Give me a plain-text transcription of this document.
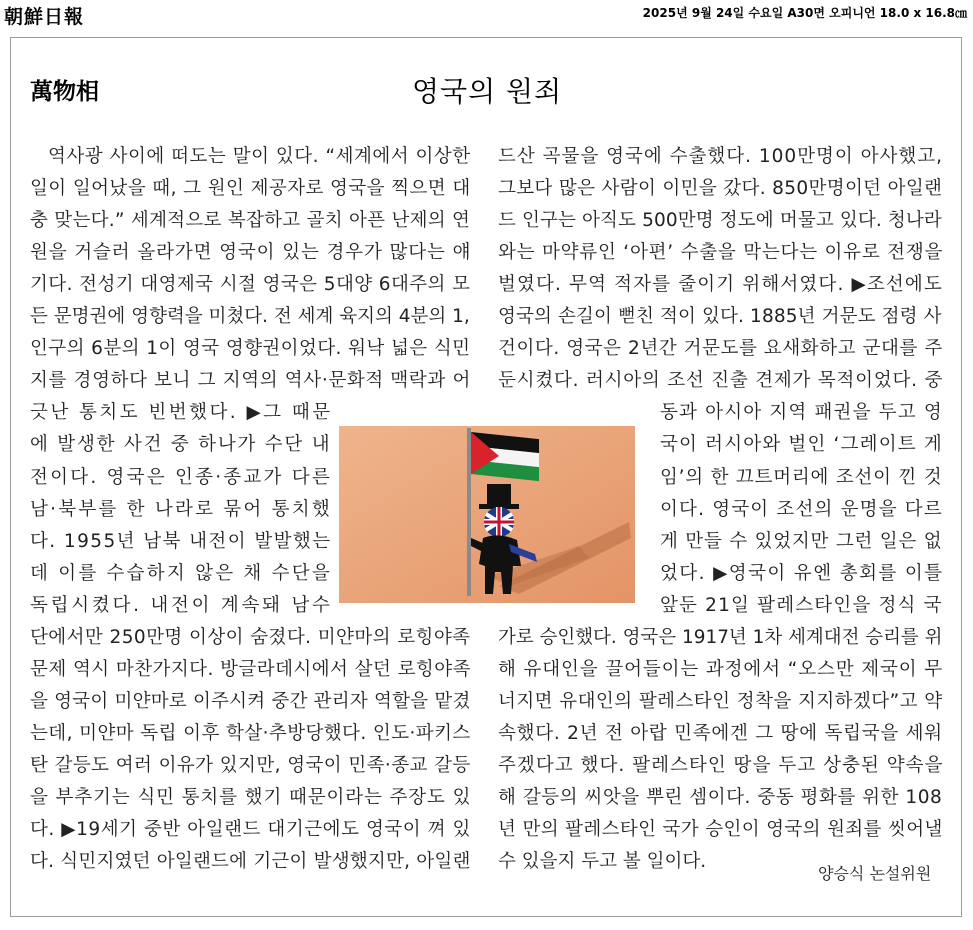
朝鮮日報	2025년 9월 24일 수요일 A30면 오피니언 18.0 x 16.8㎝
萬物相	영국의 원죄
역사광 사이에 떠도는 말이 있다. “세계에서 이상한
일이 일어났을 때, 그 원인 제공자로 영국을 찍으면 대
충 맞는다.” 세계적으로 복잡하고 골치 아픈 난제의 연
원을 거슬러 올라가면 영국이 있는 경우가 많다는 얘
기다. 전성기 대영제국 시절 영국은 5대양 6대주의 모
든 문명권에 영향력을 미쳤다. 전 세계 육지의 4분의 1,
인구의 6분의 1이 영국 영향권이었다. 워낙 넓은 식민
지를 경영하다 보니 그 지역의 역사·문화적 맥락과 어
긋난 통치도 빈번했다. ▶그 때문
에 발생한 사건 중 하나가 수단 내
전이다. 영국은 인종·종교가 다른
남·북부를 한 나라로 묶어 통치했
다. 1955년 남북 내전이 발발했는
데 이를 수습하지 않은 채 수단을
독립시켰다. 내전이 계속돼 남수
단에서만 250만명 이상이 숨졌다. 미얀마의 로힝야족
문제 역시 마찬가지다. 방글라데시에서 살던 로힝야족
을 영국이 미얀마로 이주시켜 중간 관리자 역할을 맡겼
는데, 미얀마 독립 이후 학살·추방당했다. 인도·파키스
탄 갈등도 여러 이유가 있지만, 영국이 민족·종교 갈등
을 부추기는 식민 통치를 했기 때문이라는 주장도 있
다. ▶19세기 중반 아일랜드 대기근에도 영국이 껴 있
다. 식민지였던 아일랜드에 기근이 발생했지만, 아일랜
드산 곡물을 영국에 수출했다. 100만명이 아사했고,
그보다 많은 사람이 이민을 갔다. 850만명이던 아일랜
드 인구는 아직도 500만명 정도에 머물고 있다. 청나라
와는 마약류인 ‘아편’ 수출을 막는다는 이유로 전쟁을
벌였다. 무역 적자를 줄이기 위해서였다. ▶조선에도
영국의 손길이 뻗친 적이 있다. 1885년 거문도 점령 사
건이다. 영국은 2년간 거문도를 요새화하고 군대를 주
둔시켰다. 러시아의 조선 진출 견제가 목적이었다. 중
동과 아시아 지역 패권을 두고 영
국이 러시아와 벌인 ‘그레이트 게
임’의 한 끄트머리에 조선이 낀 것
이다. 영국이 조선의 운명을 다르
게 만들 수 있었지만 그런 일은 없
었다. ▶영국이 유엔 총회를 이틀
앞둔 21일 팔레스타인을 정식 국
가로 승인했다. 영국은 1917년 1차 세계대전 승리를 위
해 유대인을 끌어들이는 과정에서 “오스만 제국이 무
너지면 유대인의 팔레스타인 정착을 지지하겠다”고 약
속했다. 2년 전 아랍 민족에겐 그 땅에 독립국을 세워
주겠다고 했다. 팔레스타인 땅을 두고 상충된 약속을
해 갈등의 씨앗을 뿌린 셈이다. 중동 평화를 위한 108
년 만의 팔레스타인 국가 승인이 영국의 원죄를 씻어낼
수 있을지 두고 볼 일이다.
양승식 논설위원
